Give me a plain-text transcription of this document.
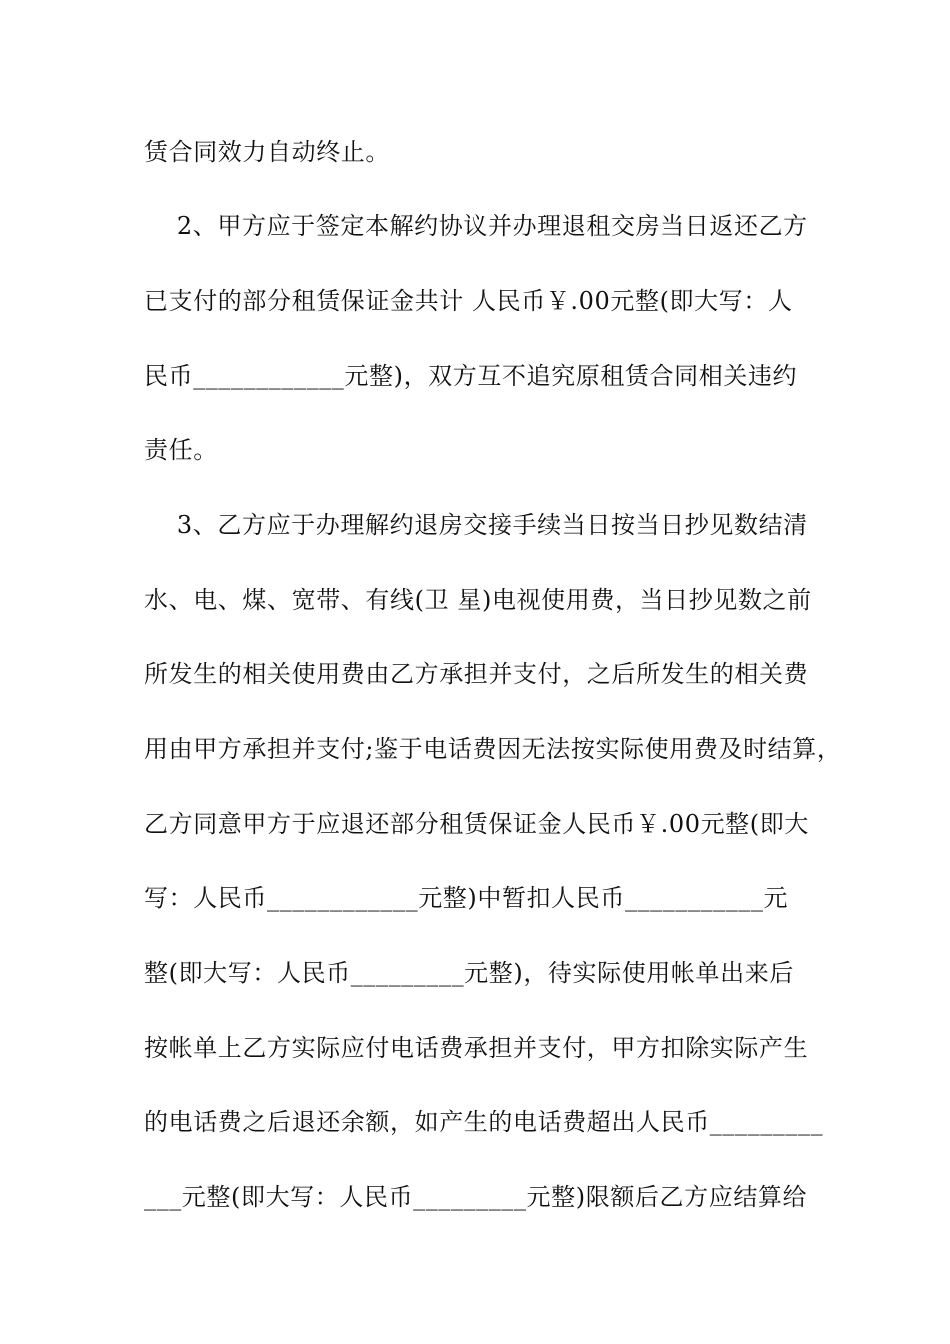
赁合同效力自动终止。
2、甲方应于签定本解约协议并办理退租交房当日返还乙方
已支付的部分租赁保证金共计 人民币￥.00元整(即大写：人
民币____________元整)，双方互不追究原租赁合同相关违约
责任。
3、乙方应于办理解约退房交接手续当日按当日抄见数结清
水、电、煤、宽带、有线(卫 星)电视使用费，当日抄见数之前
所发生的相关使用费由乙方承担并支付，之后所发生的相关费
用由甲方承担并支付;鉴于电话费因无法按实际使用费及时结算，
乙方同意甲方于应退还部分租赁保证金人民币￥.00元整(即大
写：人民币____________元整)中暂扣人民币___________元
整(即大写：人民币_________元整)，待实际使用帐单出来后
按帐单上乙方实际应付电话费承担并支付，甲方扣除实际产生
的电话费之后退还余额，如产生的电话费超出人民币_________
___元整(即大写：人民币_________元整)限额后乙方应结算给
